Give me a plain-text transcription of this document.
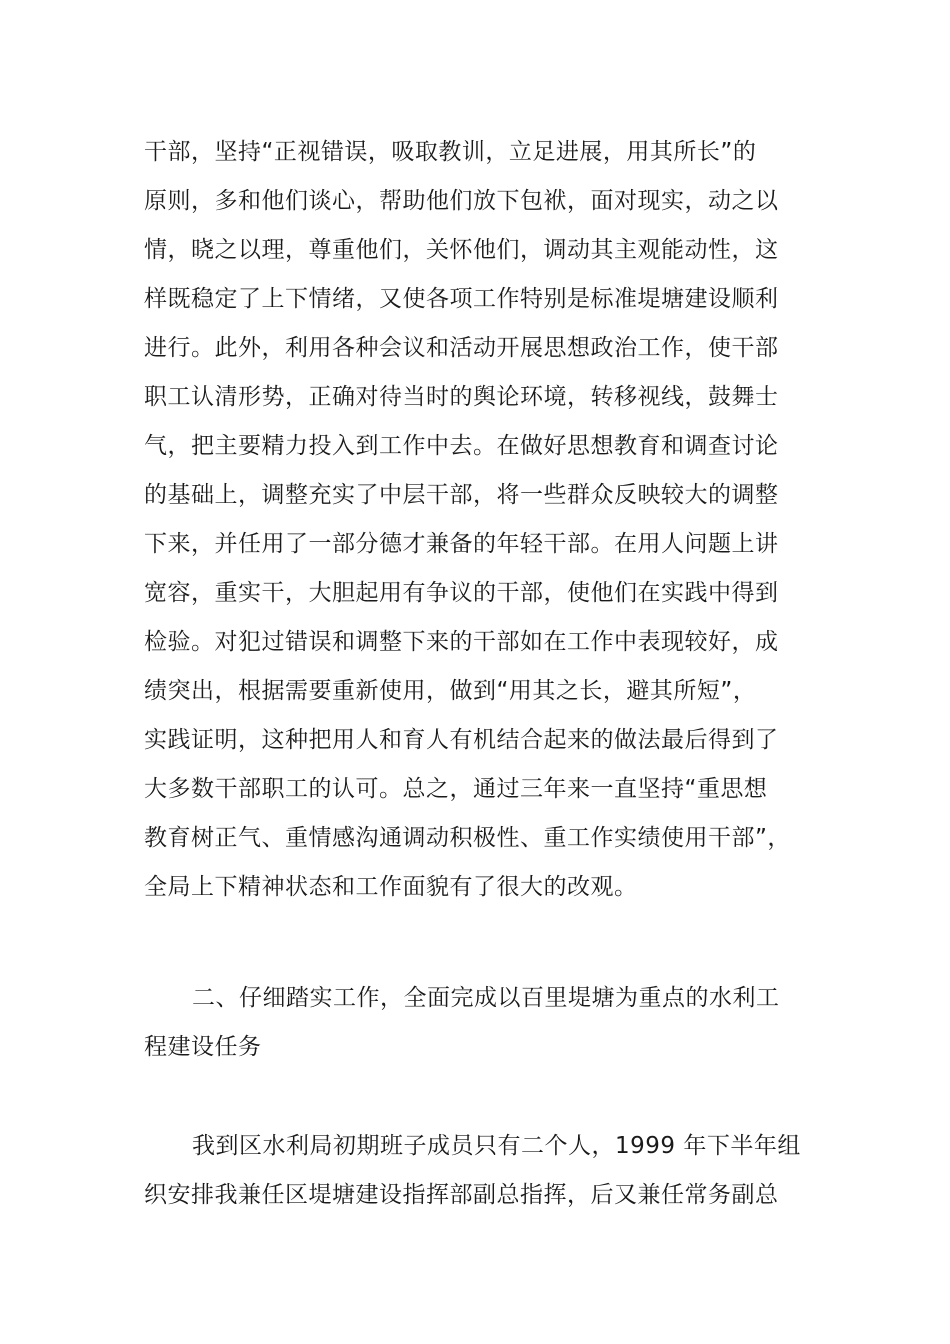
干部，坚持“正视错误，吸取教训，立足进展，用其所长”的
原则，多和他们谈心，帮助他们放下包袱，面对现实，动之以
情，晓之以理，尊重他们，关怀他们，调动其主观能动性，这
样既稳定了上下情绪，又使各项工作特别是标准堤塘建设顺利
进行。此外，利用各种会议和活动开展思想政治工作，使干部
职工认清形势，正确对待当时的舆论环境，转移视线，鼓舞士
气，把主要精力投入到工作中去。在做好思想教育和调查讨论
的基础上，调整充实了中层干部，将一些群众反映较大的调整
下来，并任用了一部分德才兼备的年轻干部。在用人问题上讲
宽容，重实干，大胆起用有争议的干部，使他们在实践中得到
检验。对犯过错误和调整下来的干部如在工作中表现较好，成
绩突出，根据需要重新使用，做到“用其之长，避其所短”，
实践证明，这种把用人和育人有机结合起来的做法最后得到了
大多数干部职工的认可。总之，通过三年来一直坚持“重思想
教育树正气、重情感沟通调动积极性、重工作实绩使用干部”，
全局上下精神状态和工作面貌有了很大的改观。
二、仔细踏实工作，全面完成以百里堤塘为重点的水利工
程建设任务
我到区水利局初期班子成员只有二个人，1999 年下半年组
织安排我兼任区堤塘建设指挥部副总指挥，后又兼任常务副总
